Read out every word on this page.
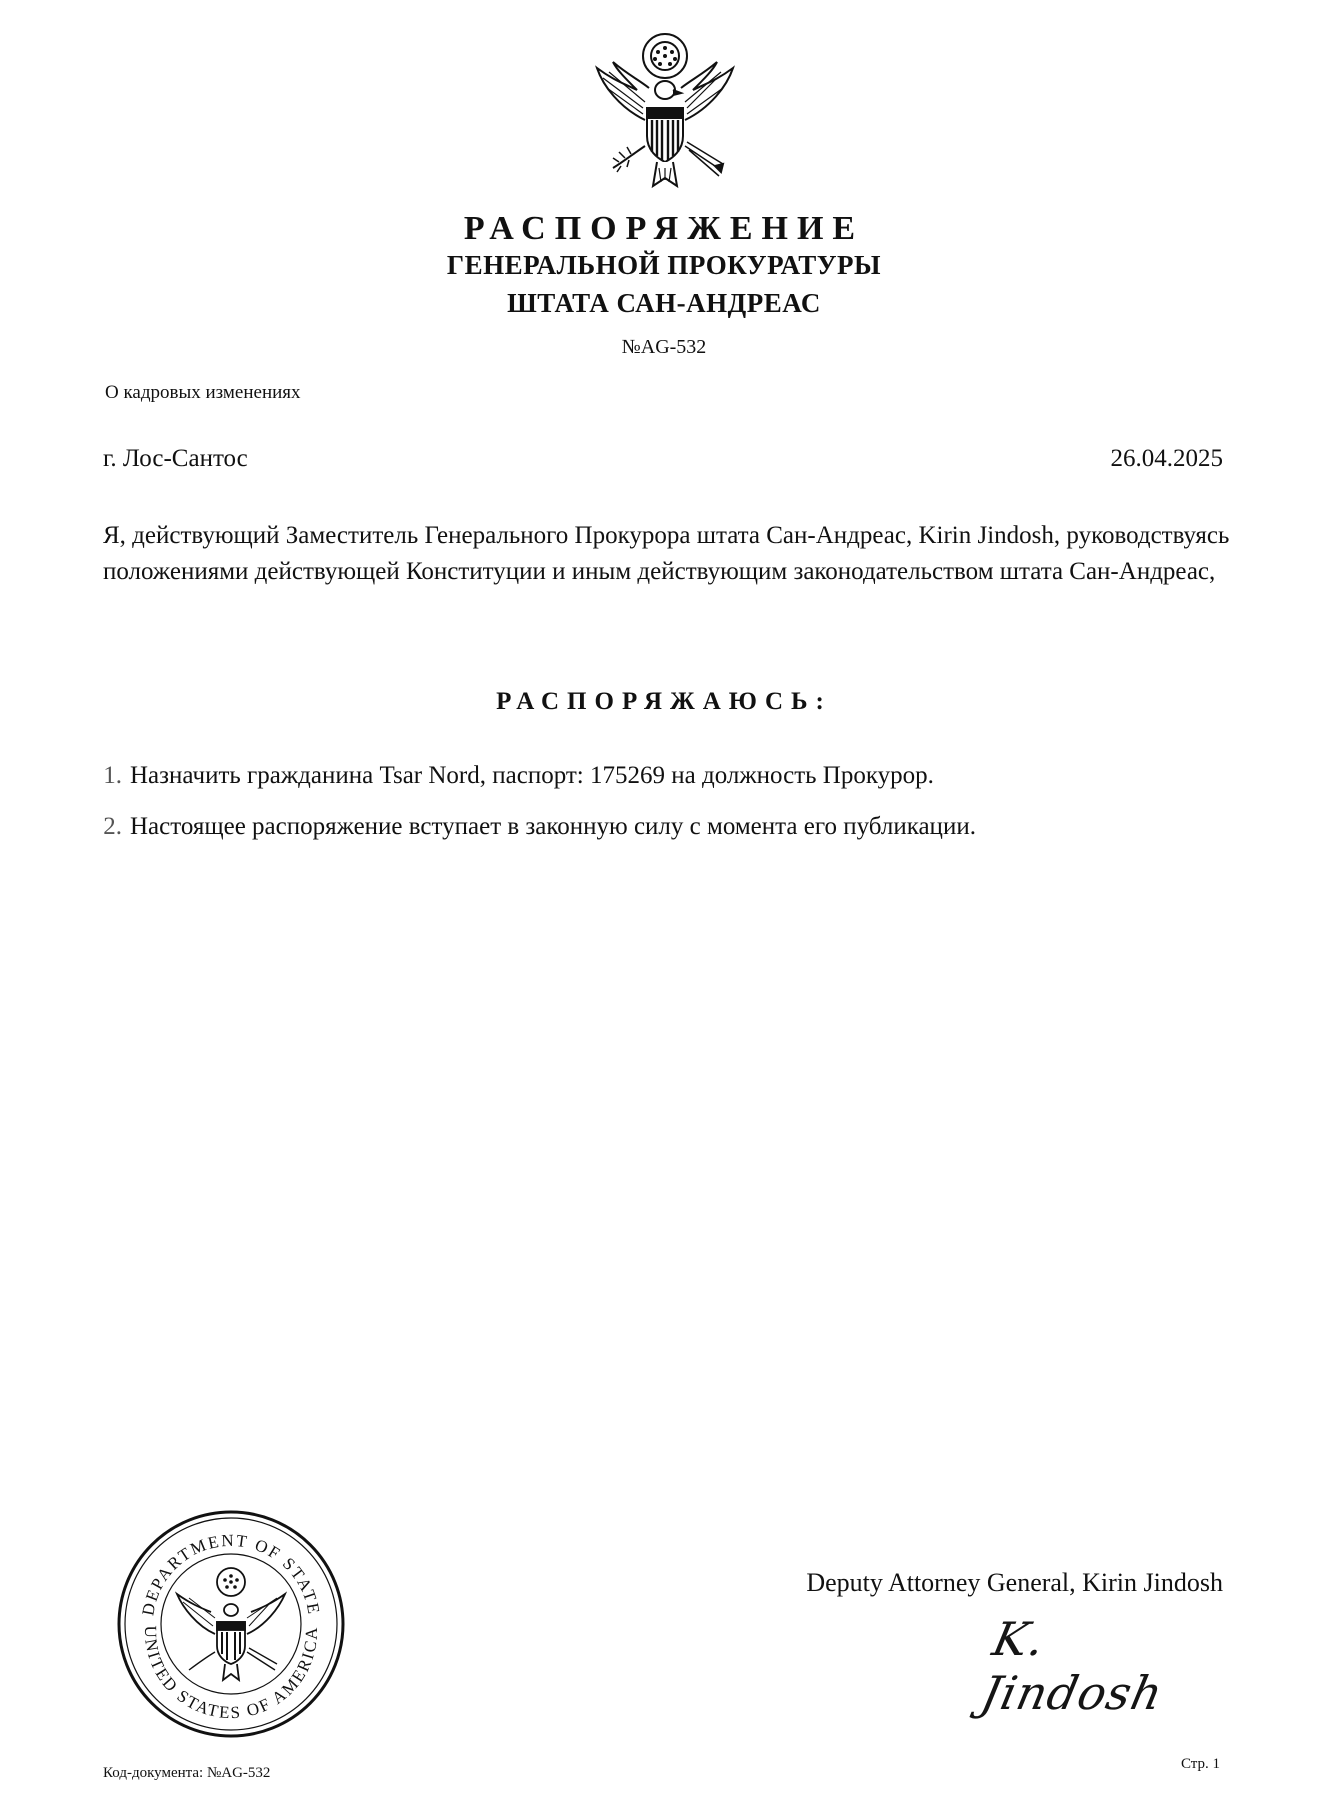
РАСПОРЯЖЕНИЕ
ГЕНЕРАЛЬНОЙ ПРОКУРАТУРЫ
ШТАТА САН-АНДРЕАС
№AG-532
О кадровых изменениях
г. Лос-Сантос	26.04.2025
Я, действующий Заместитель Генерального Прокурора штата Сан-Андреас, Kirin Jindosh, руководствуясь положениями действующей Конституции и иным действующим законодательством штата Сан-Андреас,
РАСПОРЯЖАЮСЬ:
1. Назначить гражданина Tsar Nord, паспорт: 175269 на должность Прокурор.
2. Настоящее распоряжение вступает в законную силу с момента его публикации.
DEPARTMENT OF STATE
UNITED STATES OF AMERICA
Deputy Attorney General, Kirin Jindosh
K. Jindosh
Код-документа: №AG-532
Стр. 1
